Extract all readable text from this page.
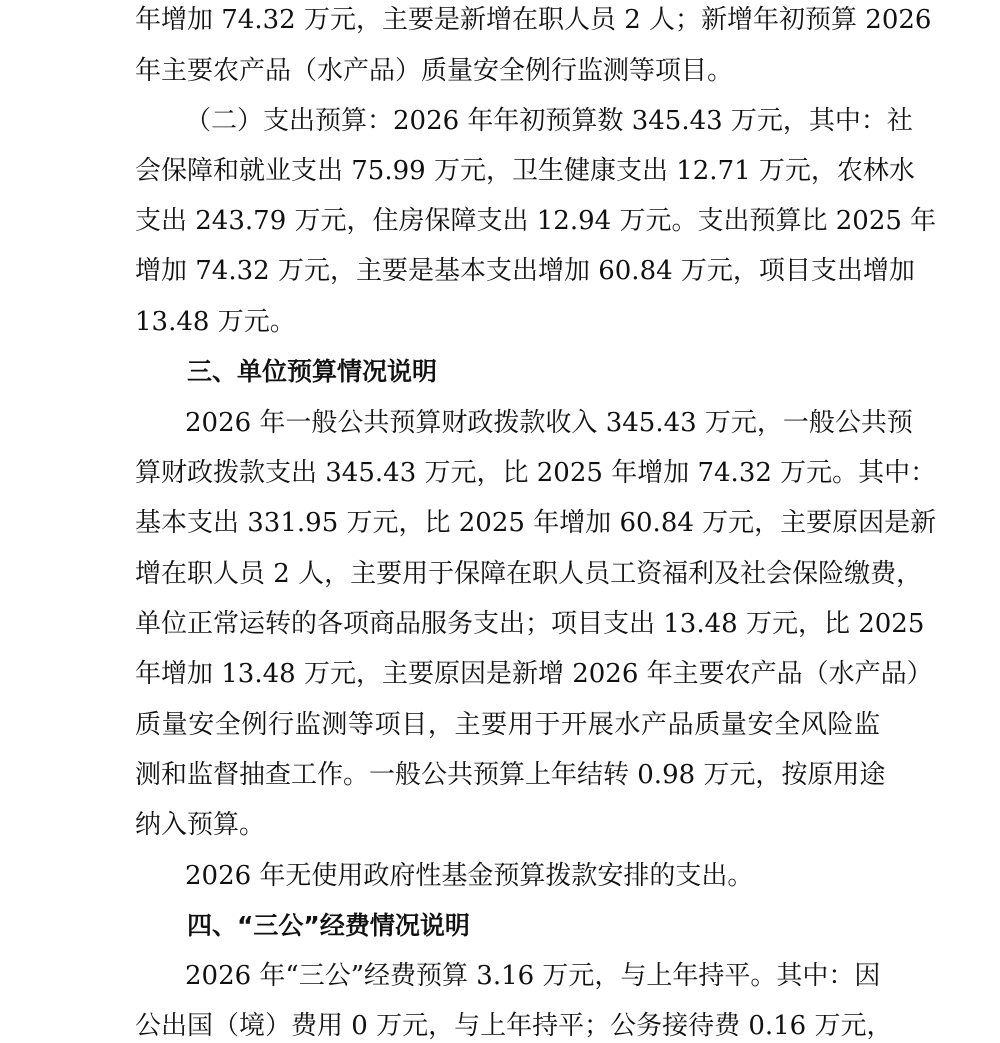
年增加 74.32 万元，主要是新增在职人员 2 人；新增年初预算 2026

年主要农产品（水产品）质量安全例行监测等项目。

（二）支出预算：2026 年年初预算数 345.43 万元，其中：社

会保障和就业支出 75.99 万元，卫生健康支出 12.71 万元，农林水

支出 243.79 万元，住房保障支出 12.94 万元。支出预算比 2025 年

增加 74.32 万元，主要是基本支出增加 60.84 万元，项目支出增加

13.48 万元。

三、单位预算情况说明

2026 年一般公共预算财政拨款收入 345.43 万元，一般公共预

算财政拨款支出 345.43 万元，比 2025 年增加 74.32 万元。其中：

基本支出 331.95 万元，比 2025 年增加 60.84 万元，主要原因是新

增在职人员 2 人，主要用于保障在职人员工资福利及社会保险缴费，

单位正常运转的各项商品服务支出；项目支出 13.48 万元，比 2025

年增加 13.48 万元，主要原因是新增 2026 年主要农产品（水产品）

质量安全例行监测等项目，主要用于开展水产品质量安全风险监

测和监督抽查工作。一般公共预算上年结转 0.98 万元，按原用途

纳入预算。

2026 年无使用政府性基金预算拨款安排的支出。

四、“三公”经费情况说明

2026 年“三公”经费预算 3.16 万元，与上年持平。其中：因

公出国（境）费用 0 万元，与上年持平；公务接待费 0.16 万元，
